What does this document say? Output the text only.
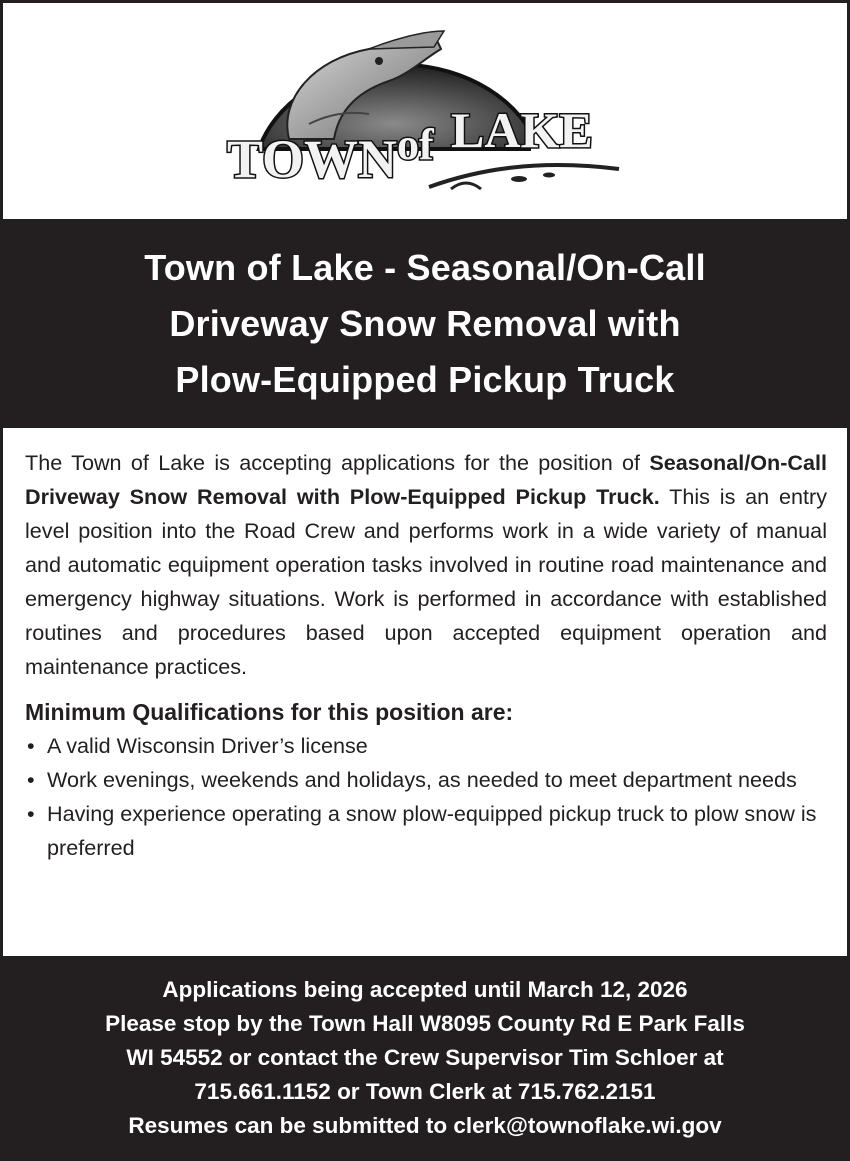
TOWN of LAKE
Town of Lake - Seasonal/On-Call
Driveway Snow Removal with
Plow-Equipped Pickup Truck

The Town of Lake is accepting applications for the position of Seasonal/On-Call Driveway Snow Removal with Plow-Equipped Pickup Truck. This is an entry level position into the Road Crew and performs work in a wide variety of manual and automatic equipment operation tasks involved in routine road maintenance and emergency highway situations. Work is performed in accordance with established routines and procedures based upon accepted equipment operation and maintenance practices.

Minimum Qualifications for this position are:
• A valid Wisconsin Driver’s license
• Work evenings, weekends and holidays, as needed to meet department needs
• Having experience operating a snow plow-equipped pickup truck to plow snow is preferred
Applications being accepted until March 12, 2026
Please stop by the Town Hall W8095 County Rd E Park Falls
WI 54552 or contact the Crew Supervisor Tim Schloer at
715.661.1152 or Town Clerk at 715.762.2151
Resumes can be submitted to clerk@townoflake.wi.gov
